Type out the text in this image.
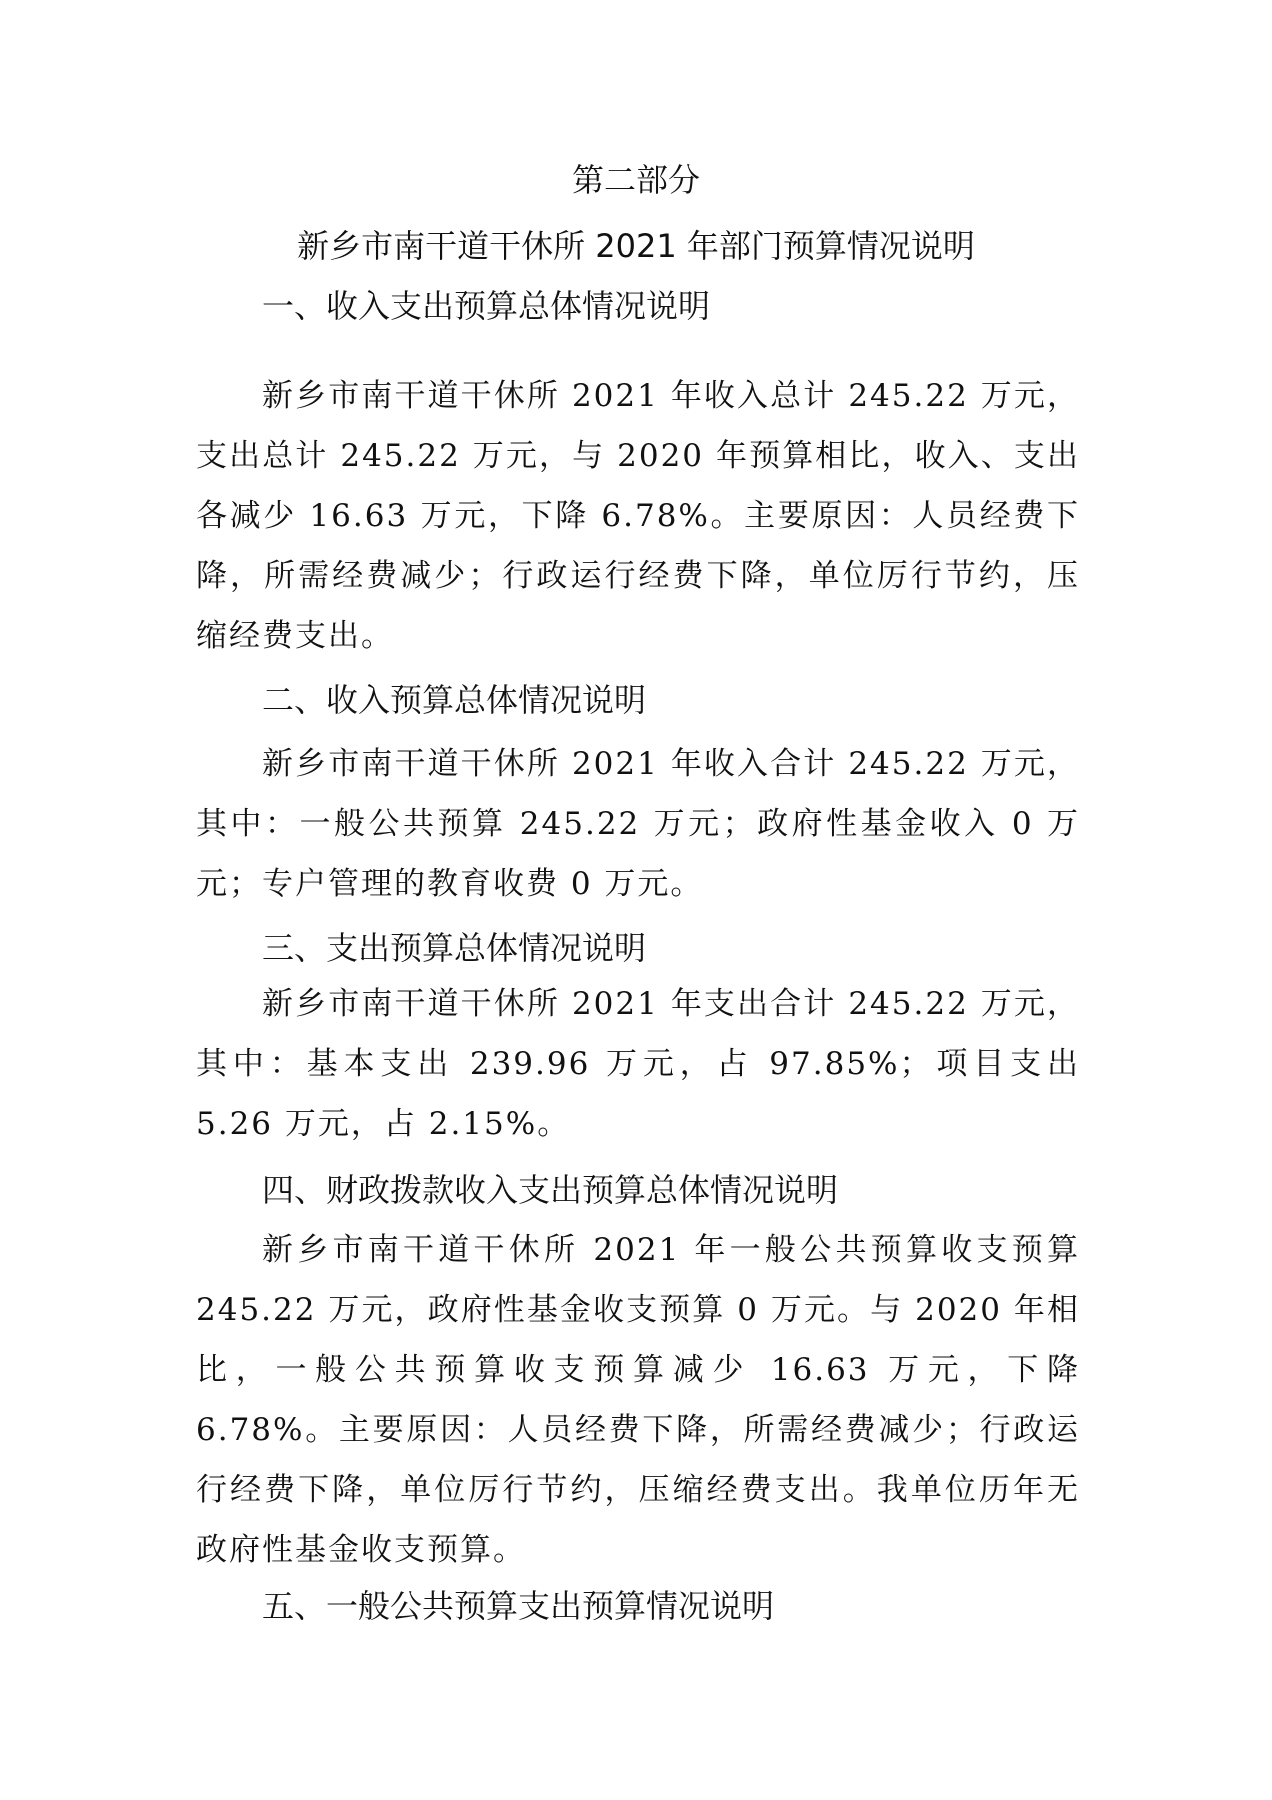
第二部分
新乡市南干道干休所 2021 年部门预算情况说明
一、收入支出预算总体情况说明
新乡市南干道干休所 2021 年收入总计 245.22 万元，支出总计 245.22 万元，与 2020 年预算相比，收入、支出各减少 16.63 万元，下降 6.78%。主要原因：人员经费下降，所需经费减少；行政运行经费下降，单位厉行节约，压缩经费支出。
二、收入预算总体情况说明
新乡市南干道干休所 2021 年收入合计 245.22 万元，其中：一般公共预算 245.22 万元；政府性基金收入 0 万元；专户管理的教育收费 0 万元。
三、支出预算总体情况说明
新乡市南干道干休所 2021 年支出合计 245.22 万元，其中：基本支出 239.96 万元，占 97.85%；项目支出 5.26 万元，占 2.15%。
四、财政拨款收入支出预算总体情况说明
新乡市南干道干休所 2021 年一般公共预算收支预算 245.22 万元，政府性基金收支预算 0 万元。与 2020 年相比，一般公共预算收支预算减少 16.63 万元，下降 6.78%。主要原因：人员经费下降，所需经费减少；行政运行经费下降，单位厉行节约，压缩经费支出。我单位历年无政府性基金收支预算。
五、一般公共预算支出预算情况说明
